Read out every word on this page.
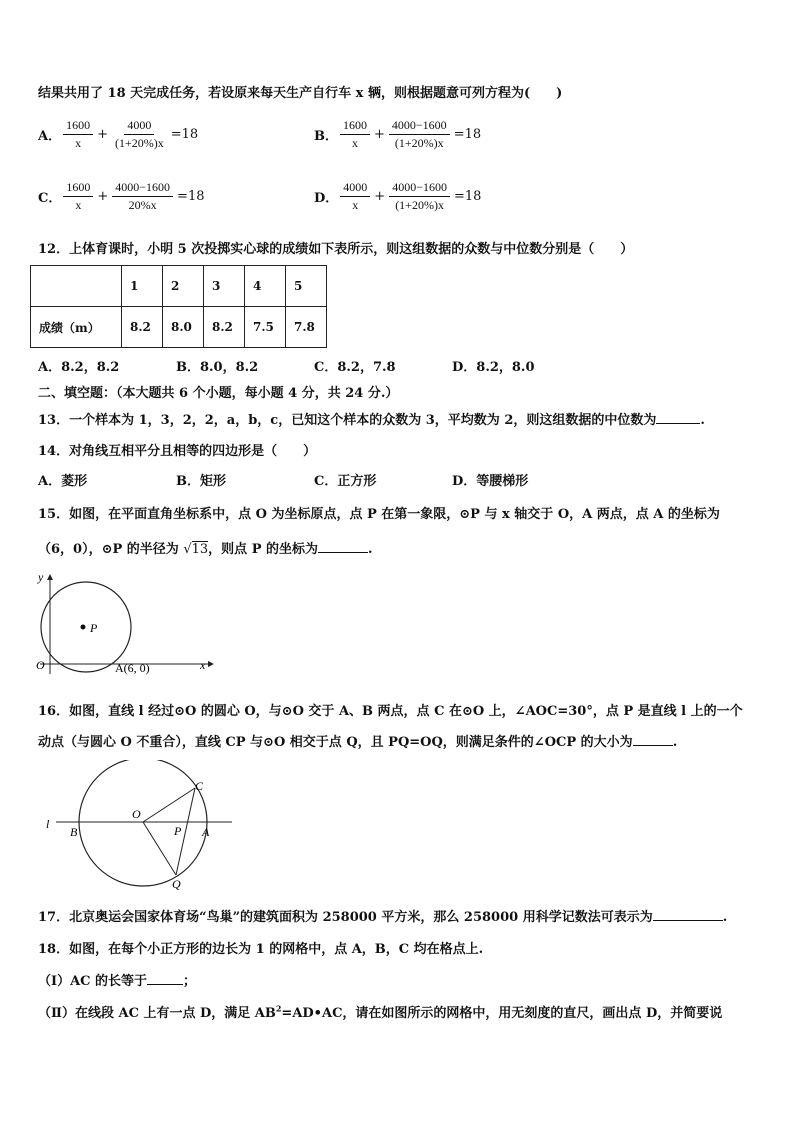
结果共用了 18 天完成任务，若设原来每天生产自行车 x 辆，则根据题意可列方程为(　　)
A． $\frac{1600}{x} + \frac{4000}{(1+20\%)x} =18$	B． $\frac{1600}{x} + \frac{4000-1600}{(1+20\%)x} =18$
C． $\frac{1600}{x} + \frac{4000-1600}{20\%x} =18$	D． $\frac{4000}{x} + \frac{4000-1600}{(1+20\%)x} =18$
12．上体育课时，小明 5 次投掷实心球的成绩如下表所示，则这组数据的众数与中位数分别是（　　）
	1	2	3	4	5
成绩（m）	8.2	8.0	8.2	7.5	7.8
A．8.2，8.2	B．8.0，8.2	C．8.2，7.8	D．8.2，8.0
二、填空题：（本大题共 6 个小题，每小题 4 分，共 24 分.）
13．一个样本为 1，3，2，2，a，b，c，已知这个样本的众数为 3，平均数为 2，则这组数据的中位数为	.
14．对角线互相平分且相等的四边形是（　　）
A．菱形	B．矩形	C．正方形	D．等腰梯形
15．如图，在平面直角坐标系中，点 O 为坐标原点，点 P 在第一象限，⊙P 与 x 轴交于 O，A 两点，点 A 的坐标为
（6，0），⊙P 的半径为 √13，则点 P 的坐标为	.
P
y
x
O	A(6, 0)
16．如图，直线 l 经过⊙O 的圆心 O，与⊙O 交于 A、B 两点，点 C 在⊙O 上，∠AOC=30°，点 P 是直线 l 上的一个
动点（与圆心 O 不重合），直线 CP 与⊙O 相交于点 Q，且 PQ=OQ，则满足条件的∠OCP 的大小为	.
l
B
O
P A
C
Q
17．北京奥运会国家体育场“鸟巢”的建筑面积为 258000 平方米，那么 258000 用科学记数法可表示为	.
18．如图，在每个小正方形的边长为 1 的网格中，点 A，B，C 均在格点上.
（Ⅰ）AC 的长等于	；
（Ⅱ）在线段 AC 上有一点 D，满足 $AB^2=AD•AC$，请在如图所示的网格中，用无刻度的直尺，画出点 D，并简要说
